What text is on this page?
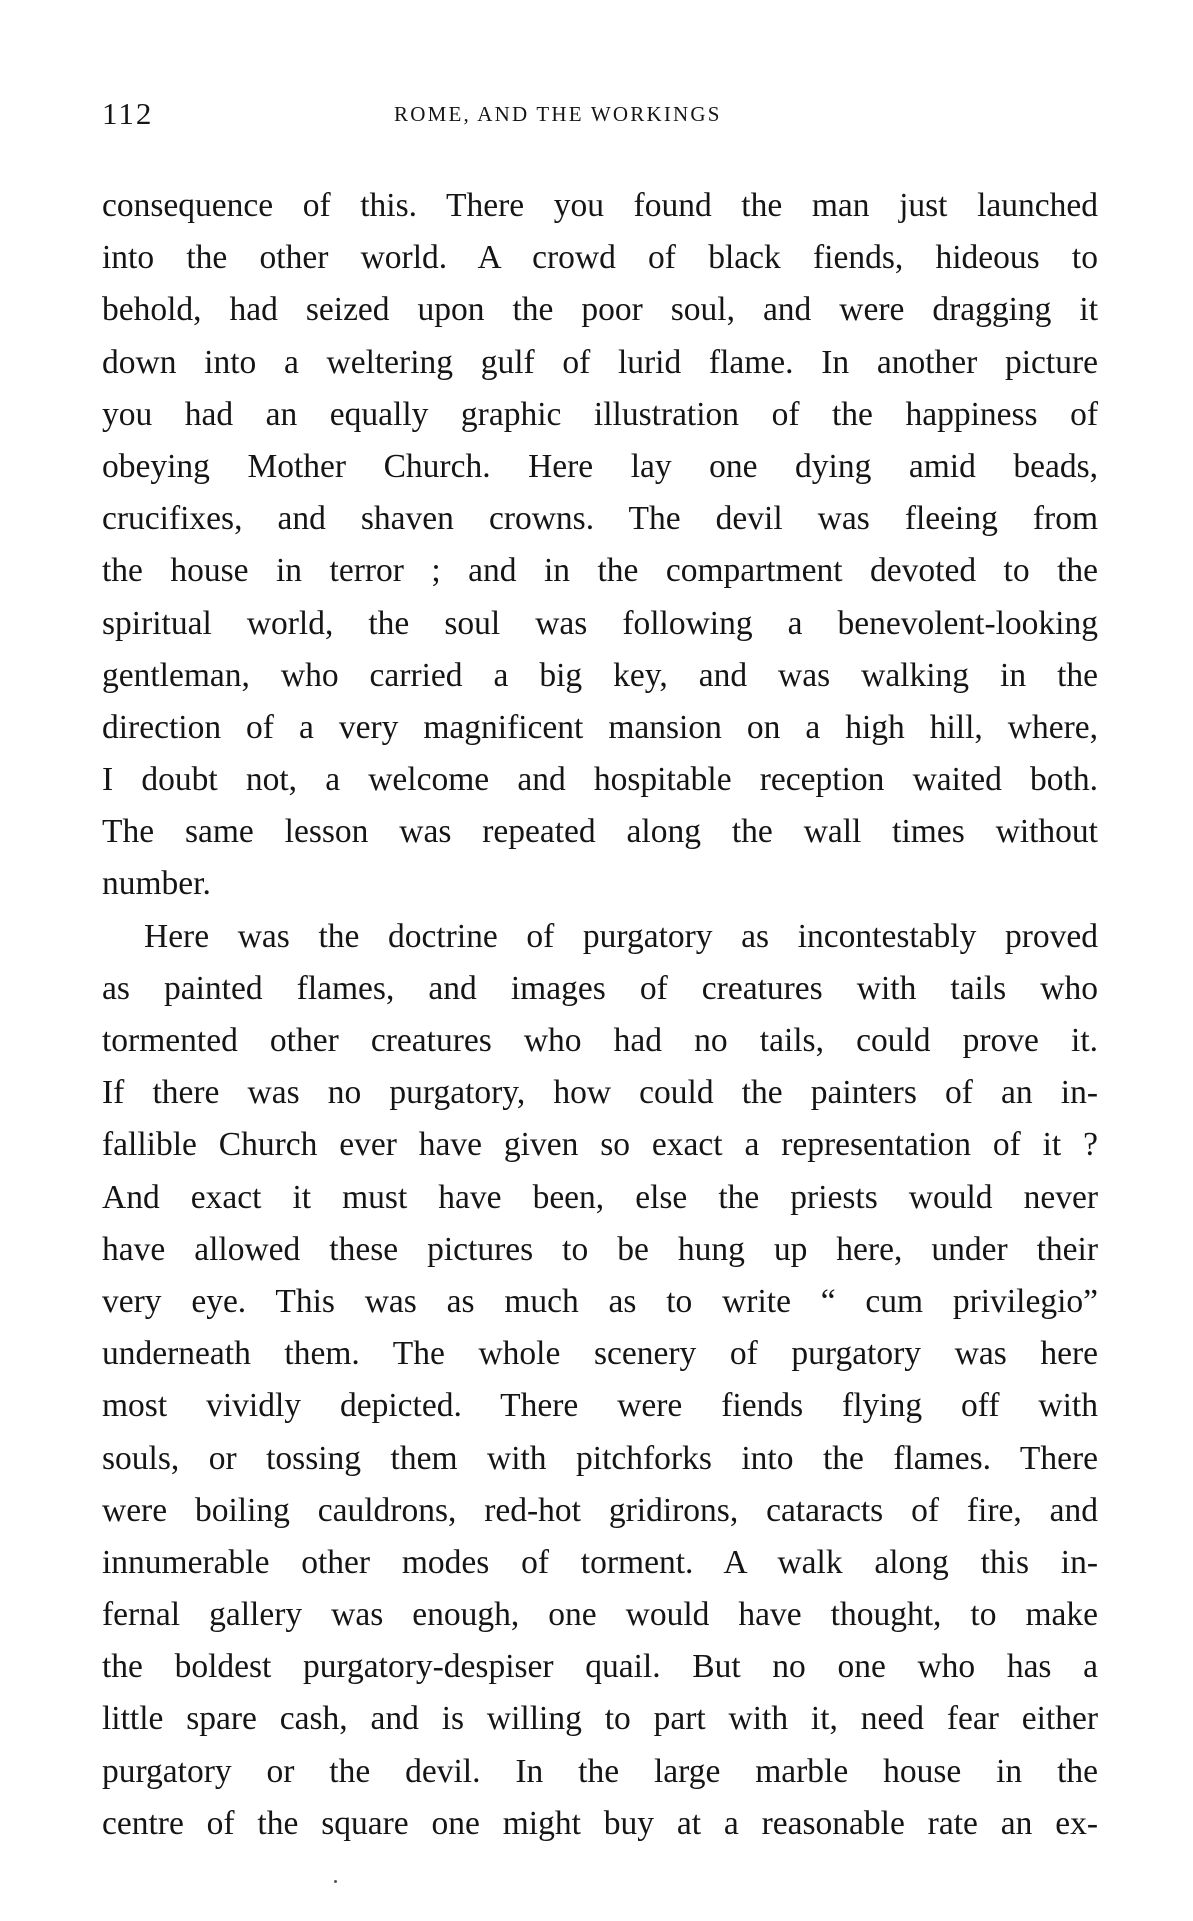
112	ROME, AND THE WORKINGS
consequence of this. There you found the man just launched
into the other world. A crowd of black fiends, hideous to
behold, had seized upon the poor soul, and were dragging it
down into a weltering gulf of lurid flame. In another picture
you had an equally graphic illustration of the happiness of
obeying Mother Church. Here lay one dying amid beads,
crucifixes, and shaven crowns. The devil was fleeing from
the house in terror ; and in the compartment devoted to the
spiritual world, the soul was following a benevolent-looking
gentleman, who carried a big key, and was walking in the
direction of a very magnificent mansion on a high hill, where,
I doubt not, a welcome and hospitable reception waited both.
The same lesson was repeated along the wall times without
number.
Here was the doctrine of purgatory as incontestably proved
as painted flames, and images of creatures with tails who
tormented other creatures who had no tails, could prove it.
If there was no purgatory, how could the painters of an in-
fallible Church ever have given so exact a representation of it ?
And exact it must have been, else the priests would never
have allowed these pictures to be hung up here, under their
very eye. This was as much as to write “ cum privilegio”
underneath them. The whole scenery of purgatory was here
most vividly depicted. There were fiends flying off with
souls, or tossing them with pitchforks into the flames. There
were boiling cauldrons, red-hot gridirons, cataracts of fire, and
innumerable other modes of torment. A walk along this in-
fernal gallery was enough, one would have thought, to make
the boldest purgatory-despiser quail. But no one who has a
little spare cash, and is willing to part with it, need fear either
purgatory or the devil. In the large marble house in the
centre of the square one might buy at a reasonable rate an ex-
